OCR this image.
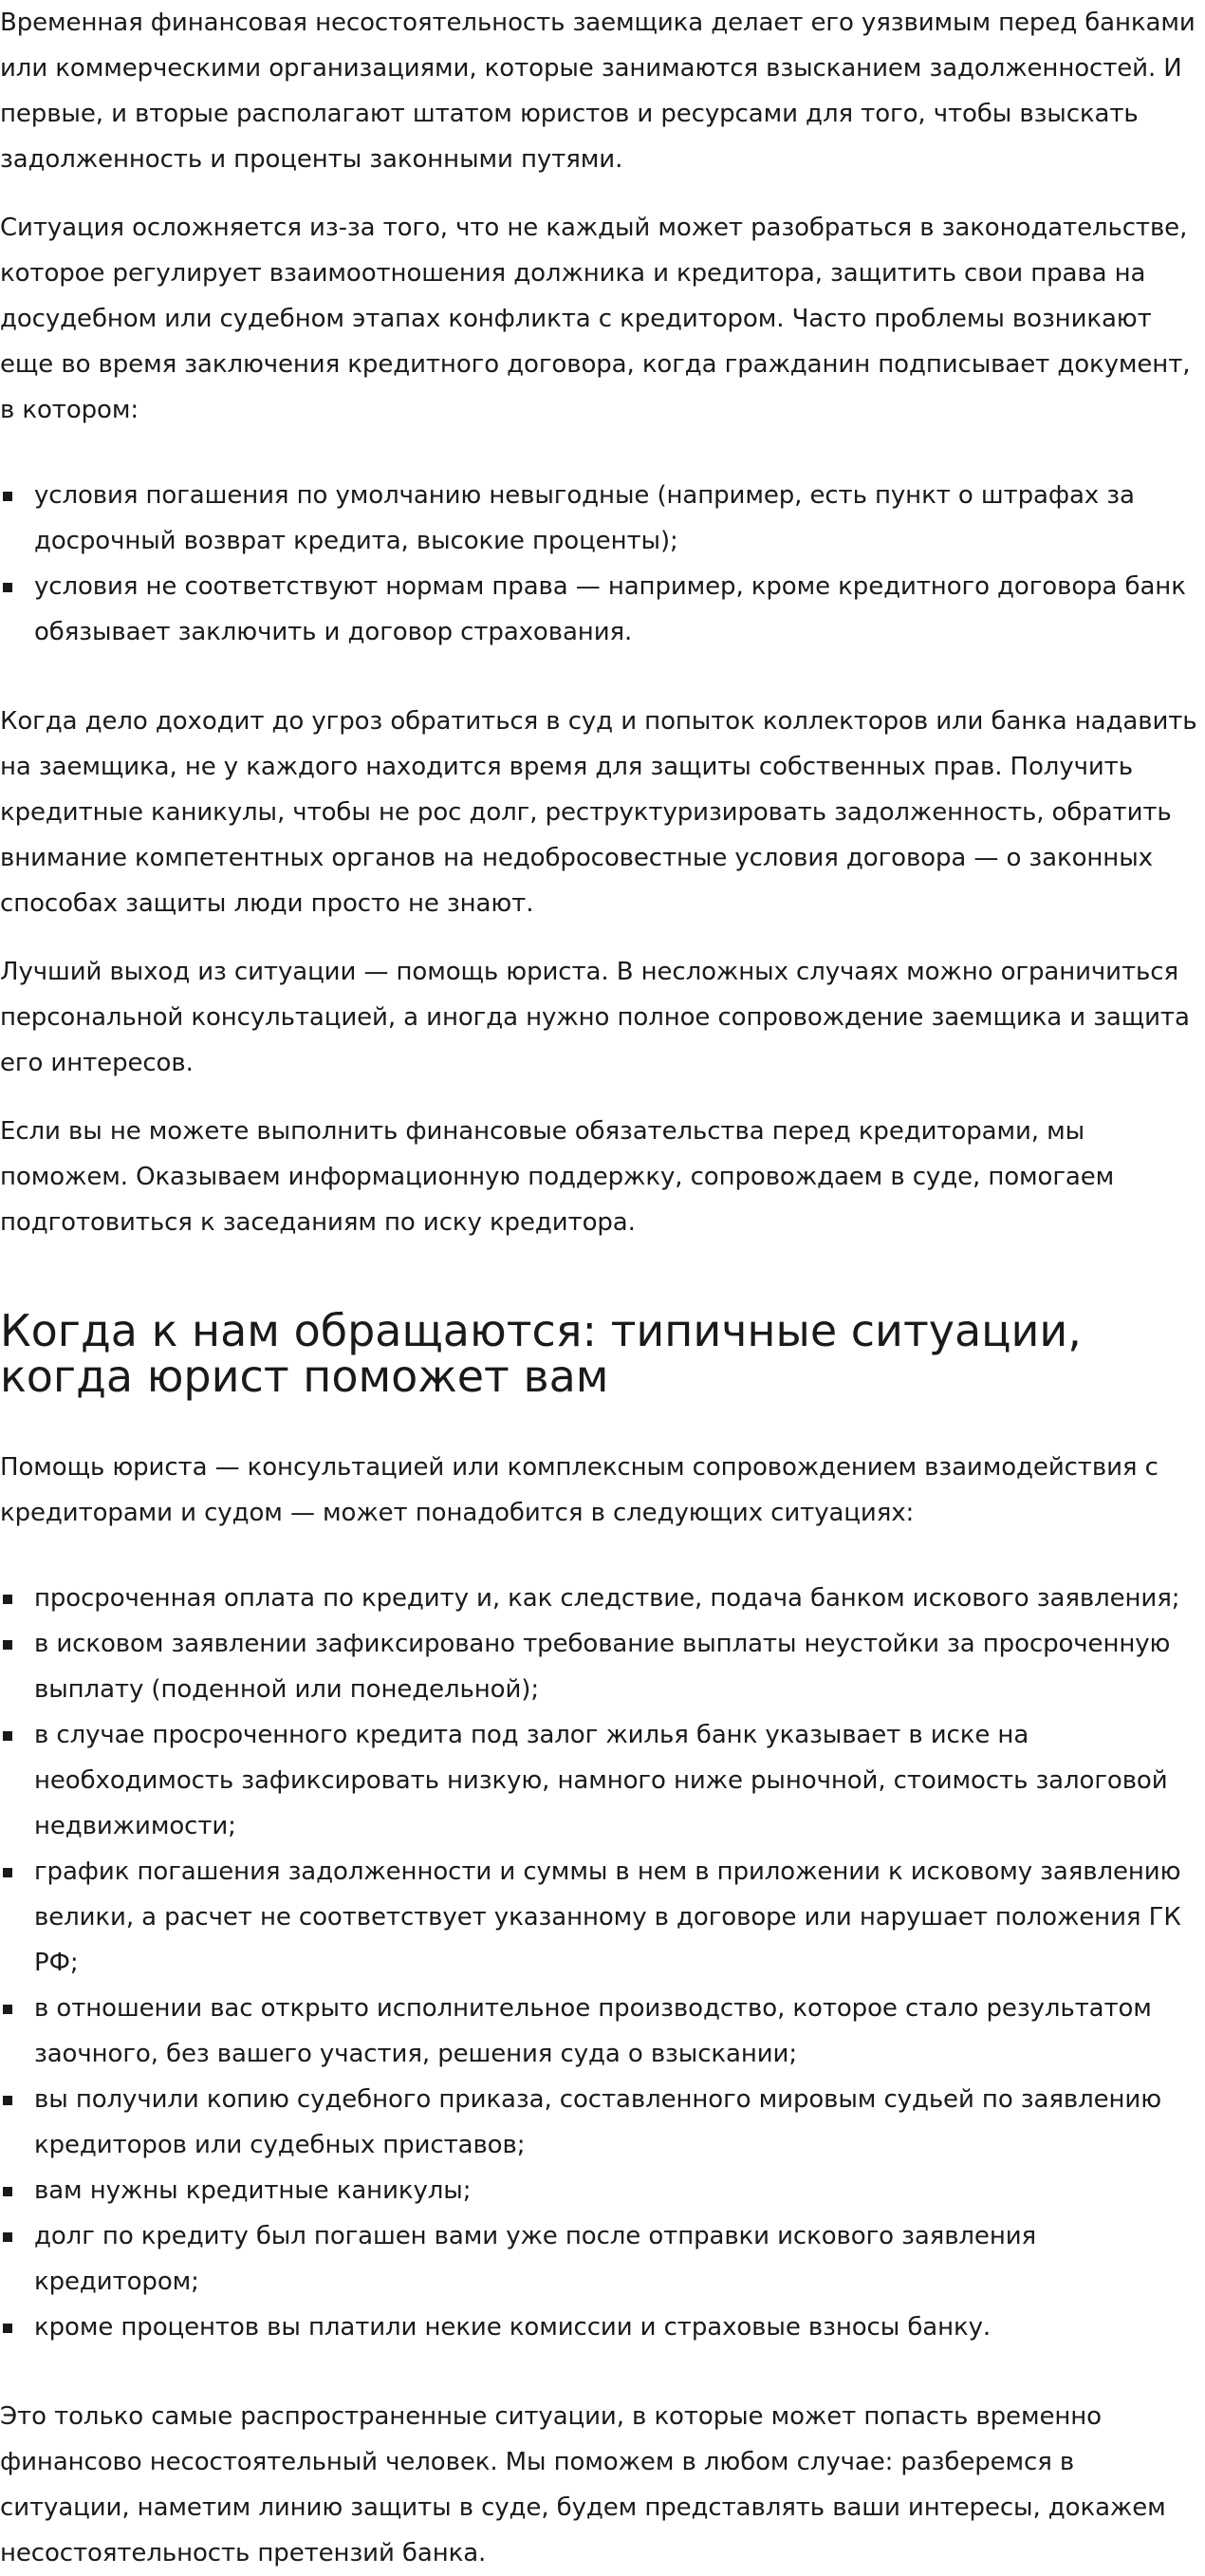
Временная финансовая несостоятельность заемщика делает его уязвимым перед банками или коммерческими организациями, которые занимаются взысканием задолженностей. И первые, и вторые располагают штатом юристов и ресурсами для того, чтобы взыскать задолженность и проценты законными путями.

Ситуация осложняется из-за того, что не каждый может разобраться в законодательстве, которое регулирует взаимоотношения должника и кредитора, защитить свои права на досудебном или судебном этапах конфликта с кредитором. Часто проблемы возникают еще во время заключения кредитного договора, когда гражданин подписывает документ, в котором:

условия погашения по умолчанию невыгодные (например, есть пункт о штрафах за досрочный возврат кредита, высокие проценты);
условия не соответствуют нормам права — например, кроме кредитного договора банк обязывает заключить и договор страхования.

Когда дело доходит до угроз обратиться в суд и попыток коллекторов или банка надавить на заемщика, не у каждого находится время для защиты собственных прав. Получить кредитные каникулы, чтобы не рос долг, реструктуризировать задолженность, обратить внимание компетентных органов на недобросовестные условия договора — о законных способах защиты люди просто не знают.

Лучший выход из ситуации — помощь юриста. В несложных случаях можно ограничиться персональной консультацией, а иногда нужно полное сопровождение заемщика и защита его интересов.

Если вы не можете выполнить финансовые обязательства перед кредиторами, мы поможем. Оказываем информационную поддержку, сопровождаем в суде, помогаем подготовиться к заседаниям по иску кредитора.

Когда к нам обращаются: типичные ситуации, когда юрист поможет вам

Помощь юриста — консультацией или комплексным сопровождением взаимодействия с кредиторами и судом — может понадобится в следующих ситуациях:

просроченная оплата по кредиту и, как следствие, подача банком искового заявления;
в исковом заявлении зафиксировано требование выплаты неустойки за просроченную выплату (поденной или понедельной);
в случае просроченного кредита под залог жилья банк указывает в иске на необходимость зафиксировать низкую, намного ниже рыночной, стоимость залоговой недвижимости;
график погашения задолженности и суммы в нем в приложении к исковому заявлению велики, а расчет не соответствует указанному в договоре или нарушает положения ГК РФ;
в отношении вас открыто исполнительное производство, которое стало результатом заочного, без вашего участия, решения суда о взыскании;
вы получили копию судебного приказа, составленного мировым судьей по заявлению кредиторов или судебных приставов;
вам нужны кредитные каникулы;
долг по кредиту был погашен вами уже после отправки искового заявления кредитором;
кроме процентов вы платили некие комиссии и страховые взносы банку.

Это только самые распространенные ситуации, в которые может попасть временно финансово несостоятельный человек. Мы поможем в любом случае: разберемся в ситуации, наметим линию защиты в суде, будем представлять ваши интересы, докажем несостоятельность претензий банка.
